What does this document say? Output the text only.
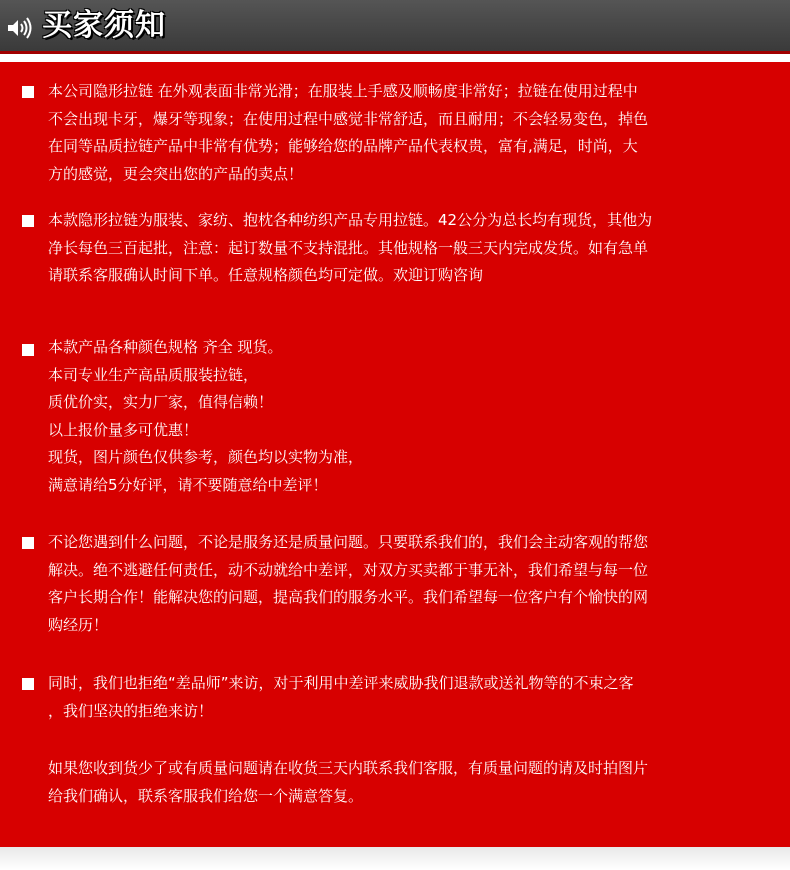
买家须知
本公司隐形拉链 在外观表面非常光滑；在服装上手感及顺畅度非常好；拉链在使用过程中
不会出现卡牙，爆牙等现象；在使用过程中感觉非常舒适，而且耐用；不会轻易变色，掉色
在同等品质拉链产品中非常有优势；能够给您的品牌产品代表权贵，富有,满足，时尚，大
方的感觉，更会突出您的产品的卖点！
本款隐形拉链为服装、家纺、抱枕各种纺织产品专用拉链。42公分为总长均有现货，其他为
净长每色三百起批，注意：起订数量不支持混批。其他规格一般三天内完成发货。如有急单
请联系客服确认时间下单。任意规格颜色均可定做。欢迎订购咨询
本款产品各种颜色规格 齐全 现货。
本司专业生产高品质服装拉链，
质优价实，实力厂家，值得信赖！
以上报价量多可优惠！
现货，图片颜色仅供参考，颜色均以实物为准，
满意请给5分好评，请不要随意给中差评！
不论您遇到什么问题，不论是服务还是质量问题。只要联系我们的，我们会主动客观的帮您
解决。绝不逃避任何责任，动不动就给中差评，对双方买卖都于事无补，我们希望与每一位
客户长期合作！能解决您的问题，提高我们的服务水平。我们希望每一位客户有个愉快的网
购经历！
同时，我们也拒绝“差品师”来访，对于利用中差评来威胁我们退款或送礼物等的不束之客
，我们坚决的拒绝来访！
如果您收到货少了或有质量问题请在收货三天内联系我们客服，有质量问题的请及时拍图片
给我们确认，联系客服我们给您一个满意答复。
